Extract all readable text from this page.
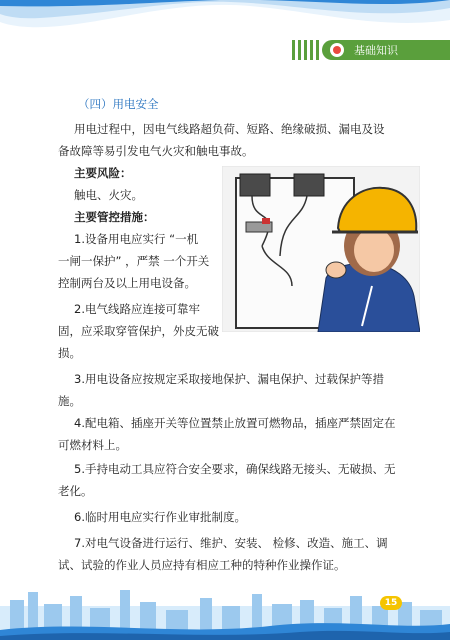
基础知识
（四）用电安全
用电过程中，因电气线路超负荷、短路、绝缘破损、漏电及设
备故障等易引发电气火灾和触电事故。
主要风险：
触电、火灾。
主要管控措施：
1.设备用电应实行 “一机
一闸一保护” ，严禁 一个开关
控制两台及以上用电设备。
2.电气线路应连接可靠牢
固，应采取穿管保护，外皮无破
损。
3.用电设备应按规定采取接地保护、漏电保护、过载保护等措
施。
4.配电箱、插座开关等位置禁止放置可燃物品，插座严禁固定在
可燃材料上。
5.手持电动工具应符合安全要求，确保线路无接头、无破损、无
老化。
6.临时用电应实行作业审批制度。
7.对电气设备进行运行、维护、安装、 检修、改造、施工、调
试、试验的作业人员应持有相应工种的特种作业操作证。
15
